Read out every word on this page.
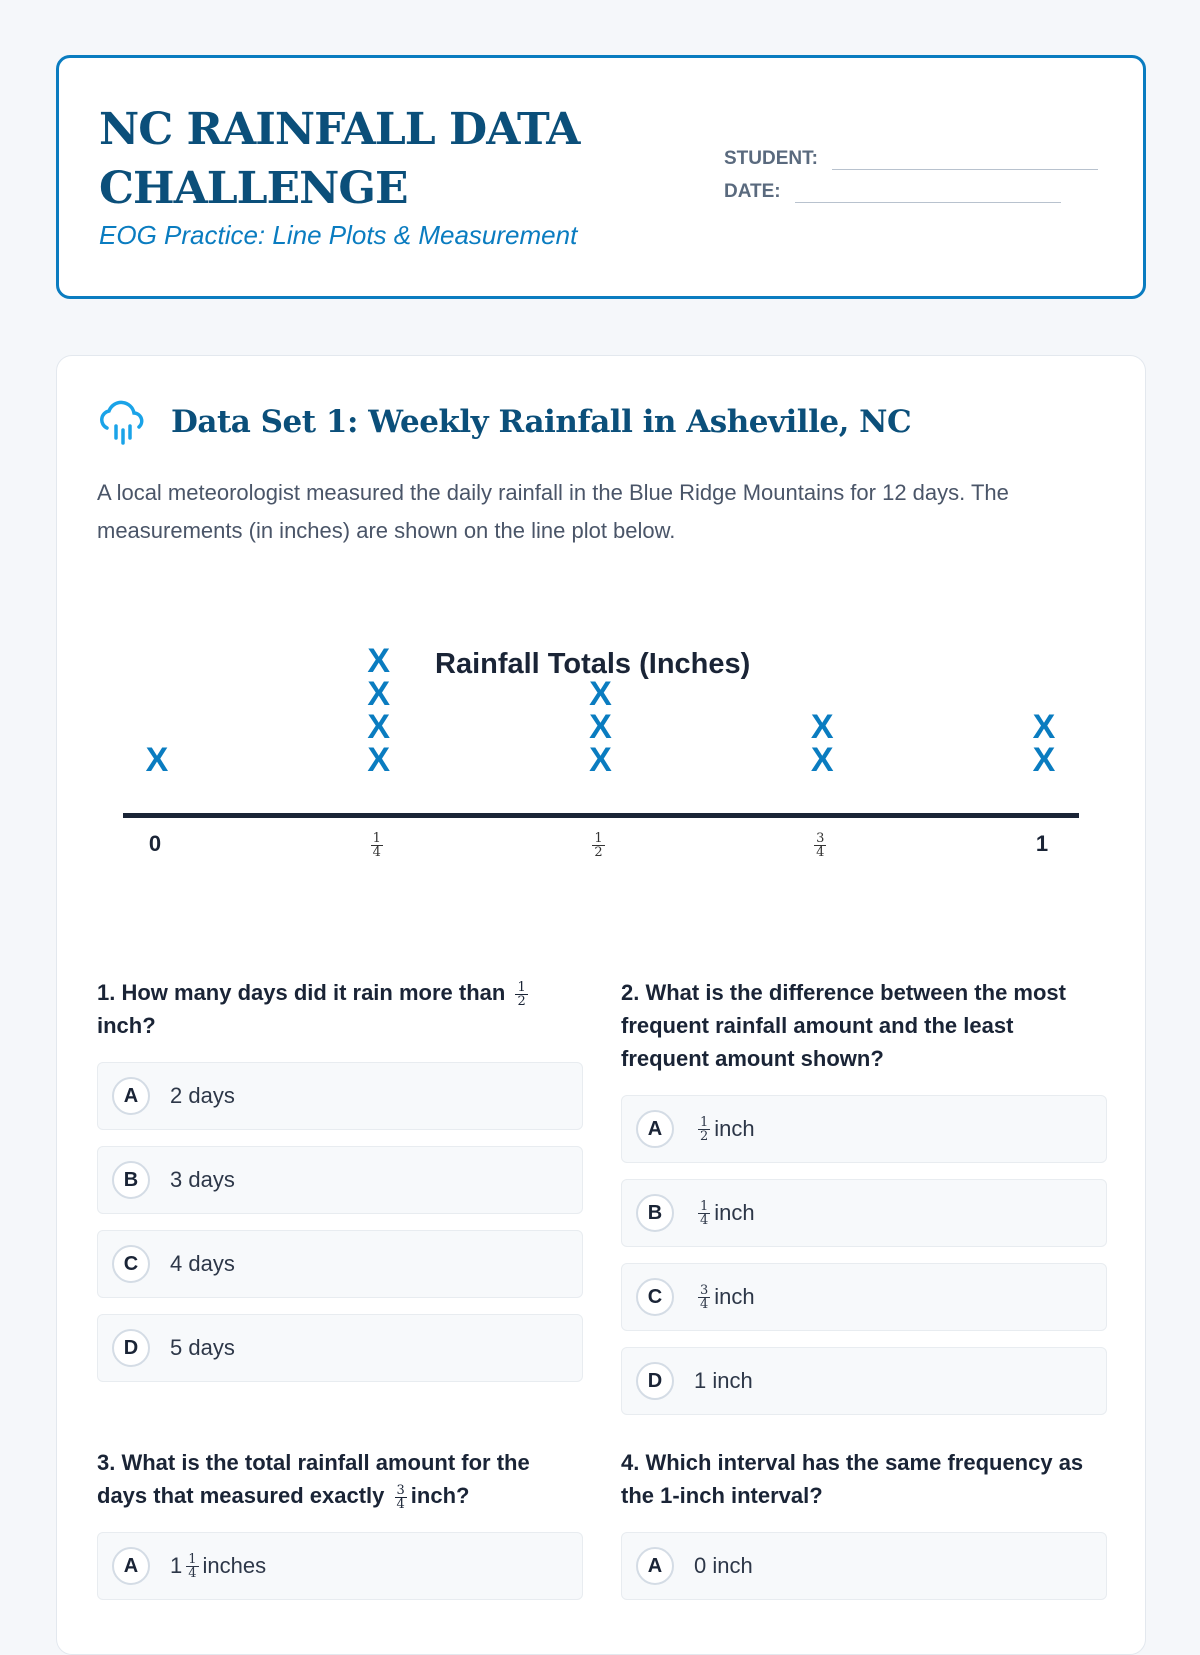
NC RAINFALL DATA CHALLENGE
EOG Practice: Line Plots & Measurement
STUDENT:
DATE:
Data Set 1: Weekly Rainfall in Asheville, NC
A local meteorologist measured the daily rainfall in the Blue Ridge Mountains for 12 days. The measurements (in inches) are shown on the line plot below.
Rainfall Totals (Inches)
X
0
X
X
X
X
$\frac{1}{4}$
X
X
X
$\frac{1}{2}$
X
X
$\frac{3}{4}$
X
X
1
1. How many days did it rain more than $\frac{1}{2}$
inch?
A	2 days
B	3 days
C	4 days
D	5 days
2. What is the difference between the most frequent rainfall amount and the least frequent amount shown?
A	$\frac{1}{2}$ inch
B	$\frac{1}{4}$ inch
C	$\frac{3}{4}$ inch
D	1 inch
3. What is the total rainfall amount for the days that measured exactly $\frac{3}{4}$ inch?
A	$1 \frac{1}{4}$ inches
4. Which interval has the same frequency as the 1-inch interval?
A	0 inch
